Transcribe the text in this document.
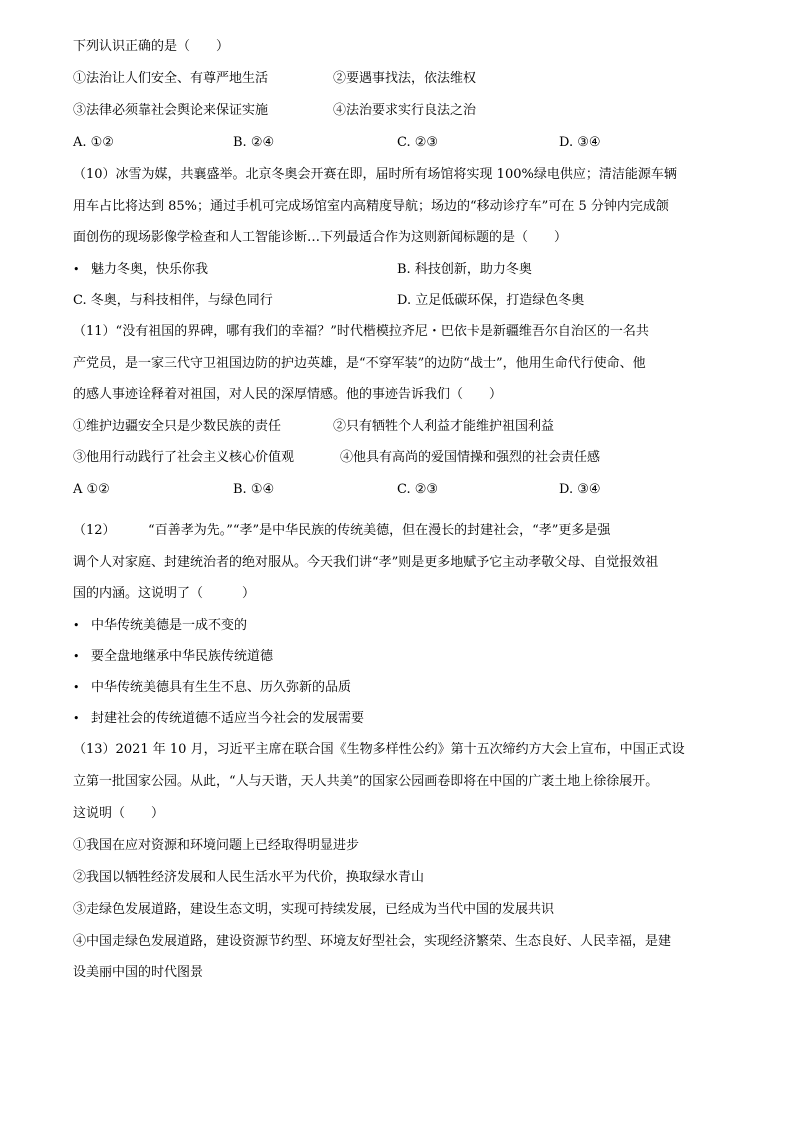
下列认识正确的是（　　）
①法治让人们安全、有尊严地生活	②要遇事找法，依法维权
③法律必须靠社会舆论来保证实施	④法治要求实行良法之治
A. ①②	B. ②④	C. ②③	D. ③④
（10）冰雪为媒，共襄盛举。北京冬奥会开赛在即，届时所有场馆将实现 100%绿电供应；清洁能源车辆
用车占比将达到 85%；通过手机可完成场馆室内高精度导航；场边的“移动诊疗车”可在 5 分钟内完成颌
面创伤的现场影像学检查和人工智能诊断…下列最适合作为这则新闻标题的是（　　）
• 魅力冬奥，快乐你我	B. 科技创新，助力冬奥
C. 冬奥，与科技相伴，与绿色同行	D. 立足低碳环保，打造绿色冬奥
（11）“没有祖国的界碑，哪有我们的幸福？”时代楷模拉齐尼・巴依卡是新疆维吾尔自治区的一名共
产党员，是一家三代守卫祖国边防的护边英雄，是“不穿军装”的边防“战士”，他用生命代行使命、他
的感人事迹诠释着对祖国，对人民的深厚情感。他的事迹告诉我们（　　）
①维护边疆安全只是少数民族的责任	②只有牺牲个人利益才能维护祖国利益
③他用行动践行了社会主义核心价值观	④他具有高尚的爱国情操和强烈的社会责任感
A ①②	B. ①④	C. ②③	D. ③④
（12）　　　“百善孝为先。”“孝”是中华民族的传统美德，但在漫长的封建社会，“孝”更多是强
调个人对家庭、封建统治者的绝对服从。今天我们讲“孝”则是更多地赋予它主动孝敬父母、自觉报效祖
国的内涵。这说明了（　　　）
• 中华传统美德是一成不变的
• 要全盘地继承中华民族传统道德
• 中华传统美德具有生生不息、历久弥新的品质
• 封建社会的传统道德不适应当今社会的发展需要
（13）2021 年 10 月，习近平主席在联合国《生物多样性公约》第十五次缔约方大会上宣布，中国正式设
立第一批国家公园。从此，“人与天谐，天人共美”的国家公园画卷即将在中国的广袤土地上徐徐展开。
这说明（　　）
①我国在应对资源和环境问题上已经取得明显进步
②我国以牺牲经济发展和人民生活水平为代价，换取绿水青山
③走绿色发展道路，建设生态文明，实现可持续发展，已经成为当代中国的发展共识
④中国走绿色发展道路，建设资源节约型、环境友好型社会，实现经济繁荣、生态良好、人民幸福，是建
设美丽中国的时代图景
